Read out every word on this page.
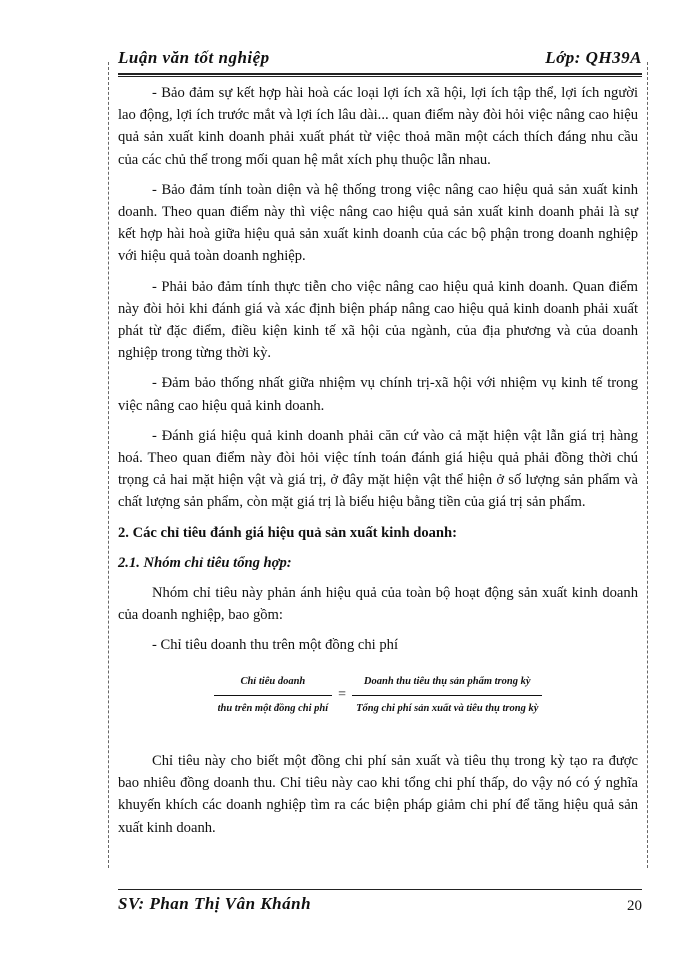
Luận văn tốt nghiệp	Lớp: QH39A

- Bảo đảm sự kết hợp hài hoà các loại lợi ích xã hội, lợi ích tập thể, lợi ích người lao động, lợi ích trước mắt và lợi ích lâu dài... quan điểm này đòi hỏi việc nâng cao hiệu quả sản xuất kinh doanh phải xuất phát từ việc thoả mãn một cách thích đáng nhu cầu của các chủ thể trong mối quan hệ mắt xích phụ thuộc lẫn nhau.

- Bảo đảm tính toàn diện và hệ thống trong việc nâng cao hiệu quả sản xuất kinh doanh. Theo quan điểm này thì việc nâng cao hiệu quả sản xuất kinh doanh phải là sự kết hợp hài hoà giữa hiệu quả sản xuất kinh doanh của các bộ phận trong doanh nghiệp với hiệu quả toàn doanh nghiệp.

- Phải bảo đảm tính thực tiễn cho việc nâng cao hiệu quả kinh doanh. Quan điểm này đòi hỏi khi đánh giá và xác định biện pháp nâng cao hiệu quả kinh doanh phải xuất phát từ đặc điểm, điều kiện kinh tế xã hội của ngành, của địa phương và của doanh nghiệp trong từng thời kỳ.

- Đảm bảo thống nhất giữa nhiệm vụ chính trị-xã hội với nhiệm vụ kinh tế trong việc nâng cao hiệu quả kinh doanh.

- Đánh giá hiệu quả kinh doanh phải căn cứ vào cả mặt hiện vật lẫn giá trị hàng hoá. Theo quan điểm này đòi hỏi việc tính toán đánh giá hiệu quả phải đồng thời chú trọng cả hai mặt hiện vật và giá trị, ở đây mặt hiện vật thể hiện ở số lượng sản phẩm và chất lượng sản phẩm, còn mặt giá trị là biểu hiệu bằng tiền của giá trị sản phẩm.

2. Các chỉ tiêu đánh giá hiệu quả sản xuất kinh doanh:

2.1. Nhóm chỉ tiêu tổng hợp:

Nhóm chỉ tiêu này phản ánh hiệu quả của toàn bộ hoạt động sản xuất kinh doanh của doanh nghiệp, bao gồm:

- Chỉ tiêu doanh thu trên một đồng chi phí

$\frac{\text{Chỉ tiêu doanh}}{\text{thu trên một đồng chi phí}} = \frac{\text{Doanh thu tiêu thụ sản phẩm trong kỳ}}{\text{Tổng chi phí sản xuất và tiêu thụ trong kỳ}}$

Chỉ tiêu này cho biết một đồng chi phí sản xuất và tiêu thụ trong kỳ tạo ra được bao nhiêu đồng doanh thu. Chỉ tiêu này cao khi tổng chi phí thấp, do vậy nó có ý nghĩa khuyến khích các doanh nghiệp tìm ra các biện pháp giảm chi phí để tăng hiệu quả sản xuất kinh doanh.

SV: Phan Thị Vân Khánh	20
